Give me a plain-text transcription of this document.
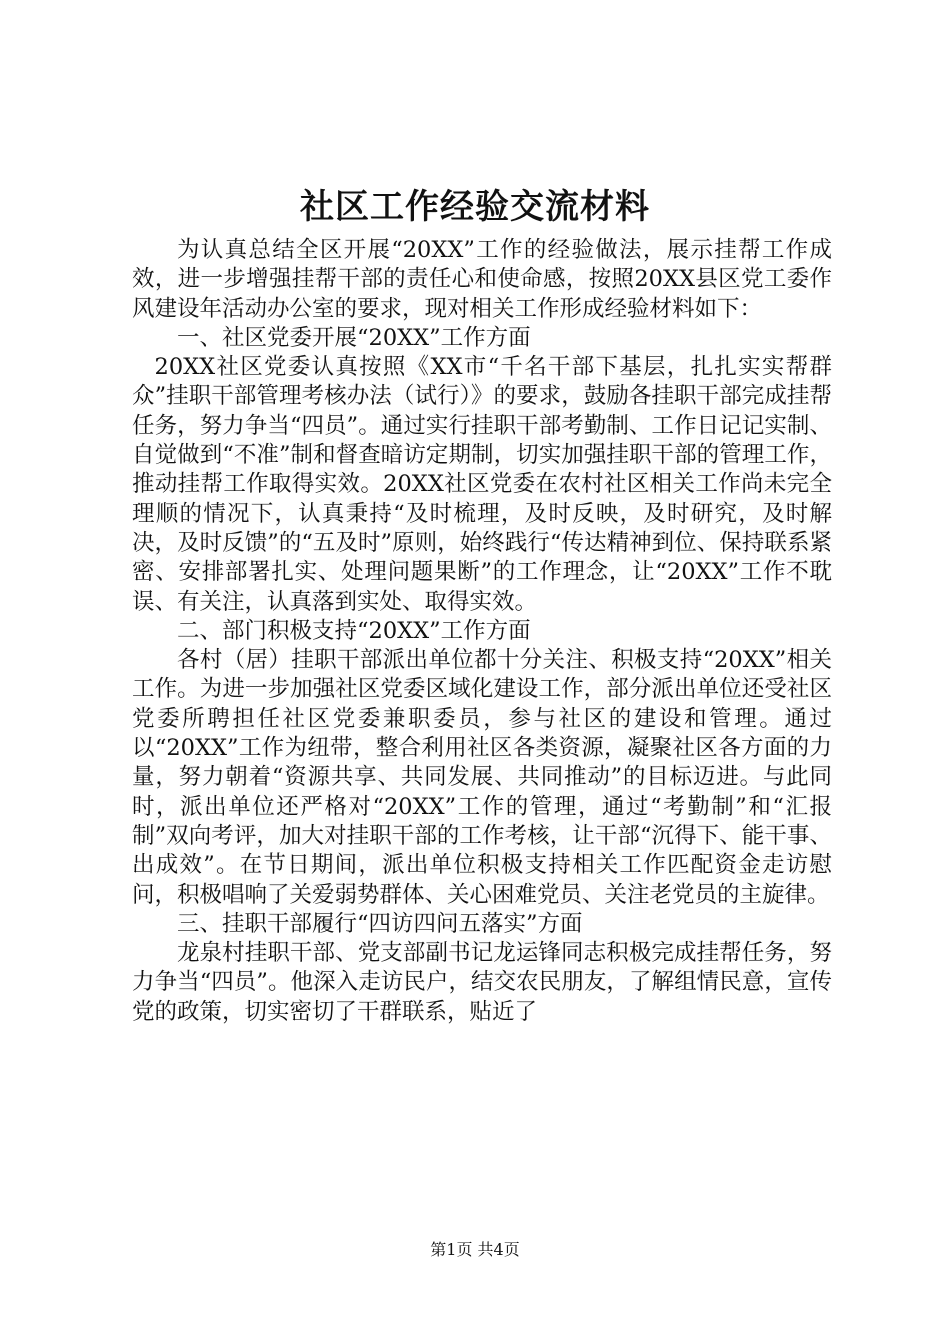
社区工作经验交流材料

为认真总结全区开展“20XX”工作的经验做法，展示挂帮工作成效，进一步增强挂帮干部的责任心和使命感，按照20XX县区党工委作风建设年活动办公室的要求，现对相关工作形成经验材料如下：

一、社区党委开展“20XX”工作方面

20XX社区党委认真按照《XX市“千名干部下基层，扎扎实实帮群众”挂职干部管理考核办法（试行）》的要求，鼓励各挂职干部完成挂帮任务，努力争当“四员”。通过实行挂职干部考勤制、工作日记记实制、自觉做到“不准”制和督查暗访定期制，切实加强挂职干部的管理工作，推动挂帮工作取得实效。20XX社区党委在农村社区相关工作尚未完全理顺的情况下，认真秉持“及时梳理，及时反映，及时研究，及时解决，及时反馈”的“五及时”原则，始终践行“传达精神到位、保持联系紧密、安排部署扎实、处理问题果断”的工作理念，让“20XX”工作不耽误、有关注，认真落到实处、取得实效。

二、部门积极支持“20XX”工作方面

各村（居）挂职干部派出单位都十分关注、积极支持“20XX”相关工作。为进一步加强社区党委区域化建设工作，部分派出单位还受社区党委所聘担任社区党委兼职委员，参与社区的建设和管理。通过以“20XX”工作为纽带，整合利用社区各类资源，凝聚社区各方面的力量，努力朝着“资源共享、共同发展、共同推动”的目标迈进。与此同时，派出单位还严格对“20XX”工作的管理，通过“考勤制”和“汇报制”双向考评，加大对挂职干部的工作考核，让干部“沉得下、能干事、出成效”。在节日期间，派出单位积极支持相关工作匹配资金走访慰问，积极唱响了关爱弱势群体、关心困难党员、关注老党员的主旋律。

三、挂职干部履行“四访四问五落实”方面

龙泉村挂职干部、党支部副书记龙运锋同志积极完成挂帮任务，努力争当“四员”。他深入走访民户，结交农民朋友，了解组情民意，宣传党的政策，切实密切了干群联系，贴近了

第1页 共4页
